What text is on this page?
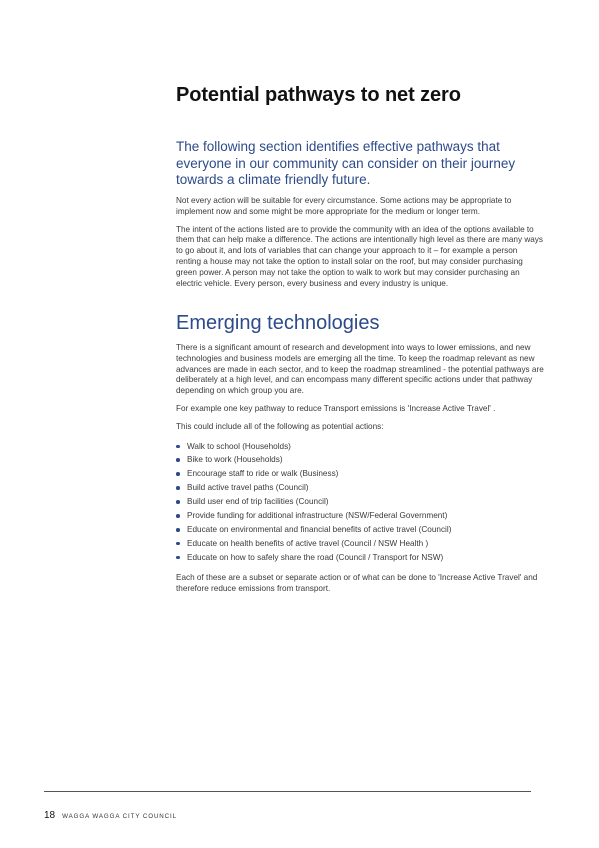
Potential pathways to net zero

The following section identifies effective pathways that everyone in our community can consider on their journey towards a climate friendly future.

Not every action will be suitable for every circumstance. Some actions may be appropriate to implement now and some might be more appropriate for the medium or longer term.

The intent of the actions listed are to provide the community with an idea of the options available to them that can help make a difference. The actions are intentionally high level as there are many ways to go about it, and lots of variables that can change your approach to it – for example a person renting a house may not take the option to install solar on the roof, but may consider purchasing green power. A person may not take the option to walk to work but may consider purchasing an electric vehicle. Every person, every business and every industry is unique.

Emerging technologies

There is a significant amount of research and development into ways to lower emissions, and new technologies and business models are emerging all the time. To keep the roadmap relevant as new advances are made in each sector, and to keep the roadmap streamlined - the potential pathways are deliberately at a high level, and can encompass many different specific actions under that pathway depending on which group you are.

For example one key pathway to reduce Transport emissions is 'Increase Active Travel' .

This could include all of the following as potential actions:

Walk to school (Households)
Bike to work (Households)
Encourage staff to ride or walk (Business)
Build active travel paths (Council)
Build user end of trip facilities (Council)
Provide funding for additional infrastructure (NSW/Federal Government)
Educate on environmental and financial benefits of active travel (Council)
Educate on health benefits of active travel (Council / NSW Health )
Educate on how to safely share the road (Council / Transport for NSW)

Each of these are a subset or separate action or of what can be done to 'Increase Active Travel' and therefore reduce emissions from transport.

18 WAGGA WAGGA CITY COUNCIL
